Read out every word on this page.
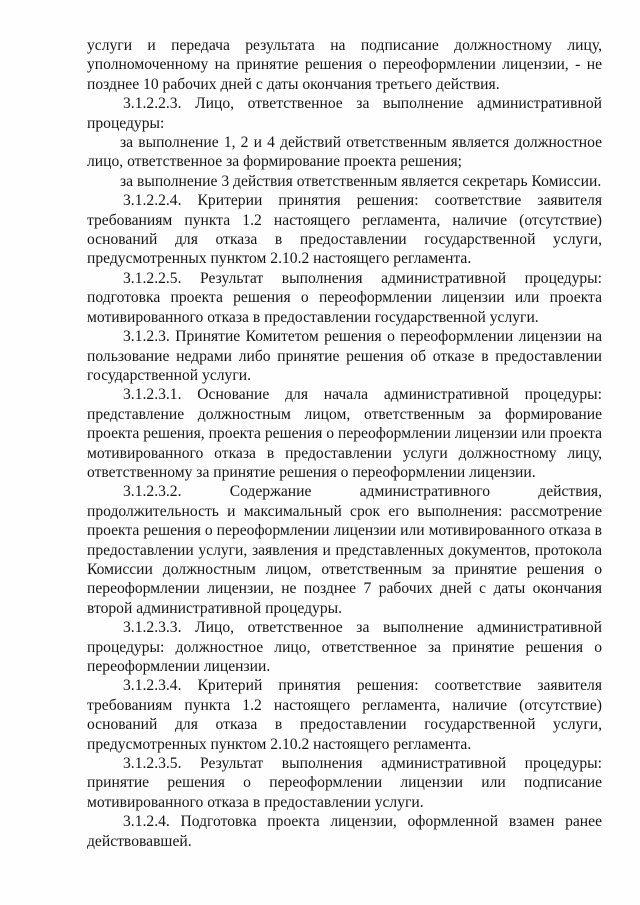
услуги и передача результата на подписание должностному лицу, уполномоченному на принятие решения о переоформлении лицензии, - не позднее 10 рабочих дней с даты окончания третьего действия.

3.1.2.2.3. Лицо, ответственное за выполнение административной процедуры:

за выполнение 1, 2 и 4 действий ответственным является должностное лицо, ответственное за формирование проекта решения;

за выполнение 3 действия ответственным является секретарь Комиссии.

3.1.2.2.4. Критерии принятия решения: соответствие заявителя требованиям пункта 1.2 настоящего регламента, наличие (отсутствие) оснований для отказа в предоставлении государственной услуги, предусмотренных пунктом 2.10.2 настоящего регламента.

3.1.2.2.5. Результат выполнения административной процедуры: подготовка проекта решения о переоформлении лицензии или проекта мотивированного отказа в предоставлении государственной услуги.

3.1.2.3. Принятие Комитетом решения о переоформлении лицензии на пользование недрами либо принятие решения об отказе в предоставлении государственной услуги.

3.1.2.3.1. Основание для начала административной процедуры: представление должностным лицом, ответственным за формирование проекта решения, проекта решения о переоформлении лицензии или проекта мотивированного отказа в предоставлении услуги должностному лицу, ответственному за принятие решения о переоформлении лицензии.

3.1.2.3.2. Содержание административного действия, продолжительность и максимальный срок его выполнения: рассмотрение проекта решения о переоформлении лицензии или мотивированного отказа в предоставлении услуги, заявления и представленных документов, протокола Комиссии должностным лицом, ответственным за принятие решения о переоформлении лицензии, не позднее 7 рабочих дней с даты окончания второй административной процедуры.

3.1.2.3.3. Лицо, ответственное за выполнение административной процедуры: должностное лицо, ответственное за принятие решения о переоформлении лицензии.

3.1.2.3.4. Критерий принятия решения: соответствие заявителя требованиям пункта 1.2 настоящего регламента, наличие (отсутствие) оснований для отказа в предоставлении государственной услуги, предусмотренных пунктом 2.10.2 настоящего регламента.

3.1.2.3.5. Результат выполнения административной процедуры: принятие решения о переоформлении лицензии или подписание мотивированного отказа в предоставлении услуги.

3.1.2.4. Подготовка проекта лицензии, оформленной взамен ранее действовавшей.
